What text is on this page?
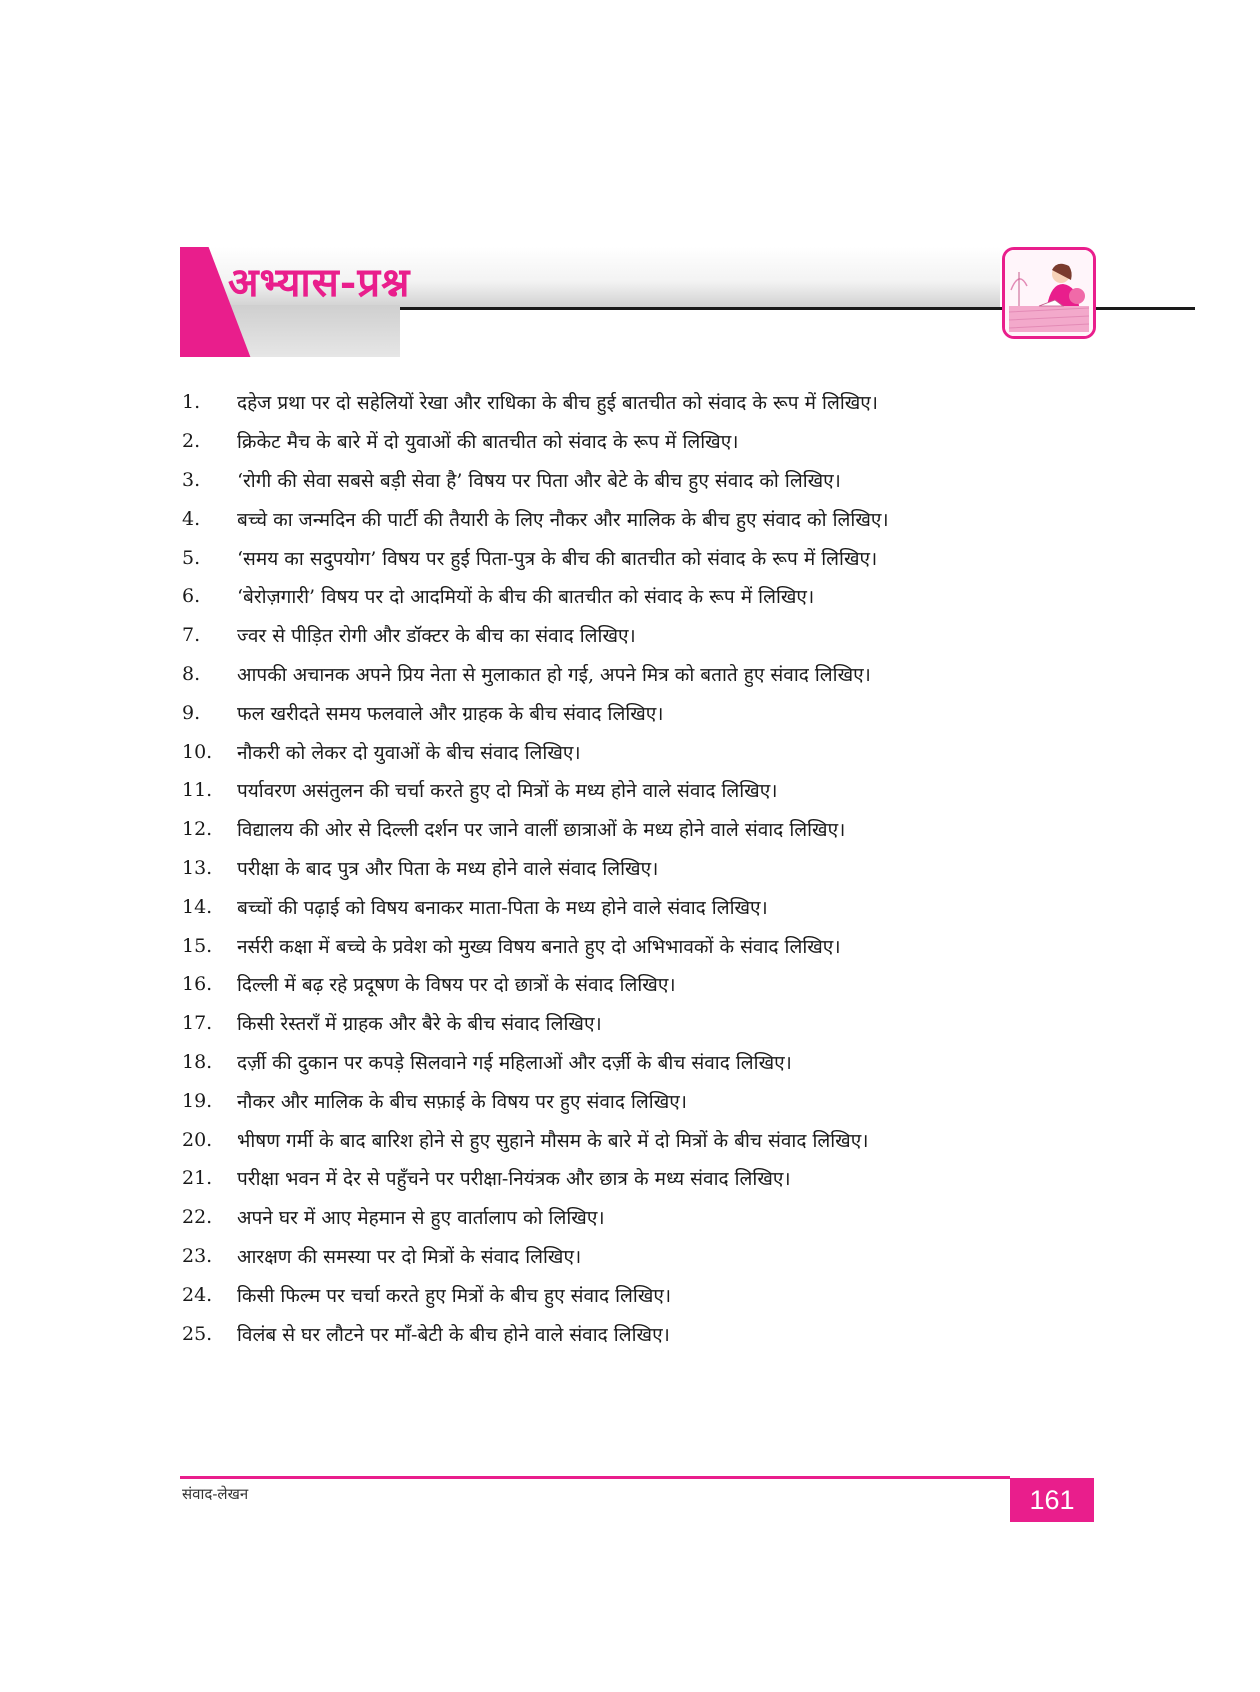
अभ्यास-प्रश्न
1.	दहेज प्रथा पर दो सहेलियों रेखा और राधिका के बीच हुई बातचीत को संवाद के रूप में लिखिए।
2.	क्रिकेट मैच के बारे में दो युवाओं की बातचीत को संवाद के रूप में लिखिए।
3.	‘रोगी की सेवा सबसे बड़ी सेवा है’ विषय पर पिता और बेटे के बीच हुए संवाद को लिखिए।
4.	बच्चे का जन्मदिन की पार्टी की तैयारी के लिए नौकर और मालिक के बीच हुए संवाद को लिखिए।
5.	‘समय का सदुपयोग’ विषय पर हुई पिता-पुत्र के बीच की बातचीत को संवाद के रूप में लिखिए।
6.	‘बेरोज़गारी’ विषय पर दो आदमियों के बीच की बातचीत को संवाद के रूप में लिखिए।
7.	ज्वर से पीड़ित रोगी और डॉक्टर के बीच का संवाद लिखिए।
8.	आपकी अचानक अपने प्रिय नेता से मुलाकात हो गई, अपने मित्र को बताते हुए संवाद लिखिए।
9.	फल खरीदते समय फलवाले और ग्राहक के बीच संवाद लिखिए।
10.	नौकरी को लेकर दो युवाओं के बीच संवाद लिखिए।
11.	पर्यावरण असंतुलन की चर्चा करते हुए दो मित्रों के मध्य होने वाले संवाद लिखिए।
12.	विद्यालय की ओर से दिल्ली दर्शन पर जाने वालीं छात्राओं के मध्य होने वाले संवाद लिखिए।
13.	परीक्षा के बाद पुत्र और पिता के मध्य होने वाले संवाद लिखिए।
14.	बच्चों की पढ़ाई को विषय बनाकर माता-पिता के मध्य होने वाले संवाद लिखिए।
15.	नर्सरी कक्षा में बच्चे के प्रवेश को मुख्य विषय बनाते हुए दो अभिभावकों के संवाद लिखिए।
16.	दिल्ली में बढ़ रहे प्रदूषण के विषय पर दो छात्रों के संवाद लिखिए।
17.	किसी रेस्तराँ में ग्राहक और बैरे के बीच संवाद लिखिए।
18.	दर्ज़ी की दुकान पर कपड़े सिलवाने गई महिलाओं और दर्ज़ी के बीच संवाद लिखिए।
19.	नौकर और मालिक के बीच सफ़ाई के विषय पर हुए संवाद लिखिए।
20.	भीषण गर्मी के बाद बारिश होने से हुए सुहाने मौसम के बारे में दो मित्रों के बीच संवाद लिखिए।
21.	परीक्षा भवन में देर से पहुँचने पर परीक्षा-नियंत्रक और छात्र के मध्य संवाद लिखिए।
22.	अपने घर में आए मेहमान से हुए वार्तालाप को लिखिए।
23.	आरक्षण की समस्या पर दो मित्रों के संवाद लिखिए।
24.	किसी फिल्म पर चर्चा करते हुए मित्रों के बीच हुए संवाद लिखिए।
25.	विलंब से घर लौटने पर माँ-बेटी के बीच होने वाले संवाद लिखिए।
संवाद-लेखन	161
